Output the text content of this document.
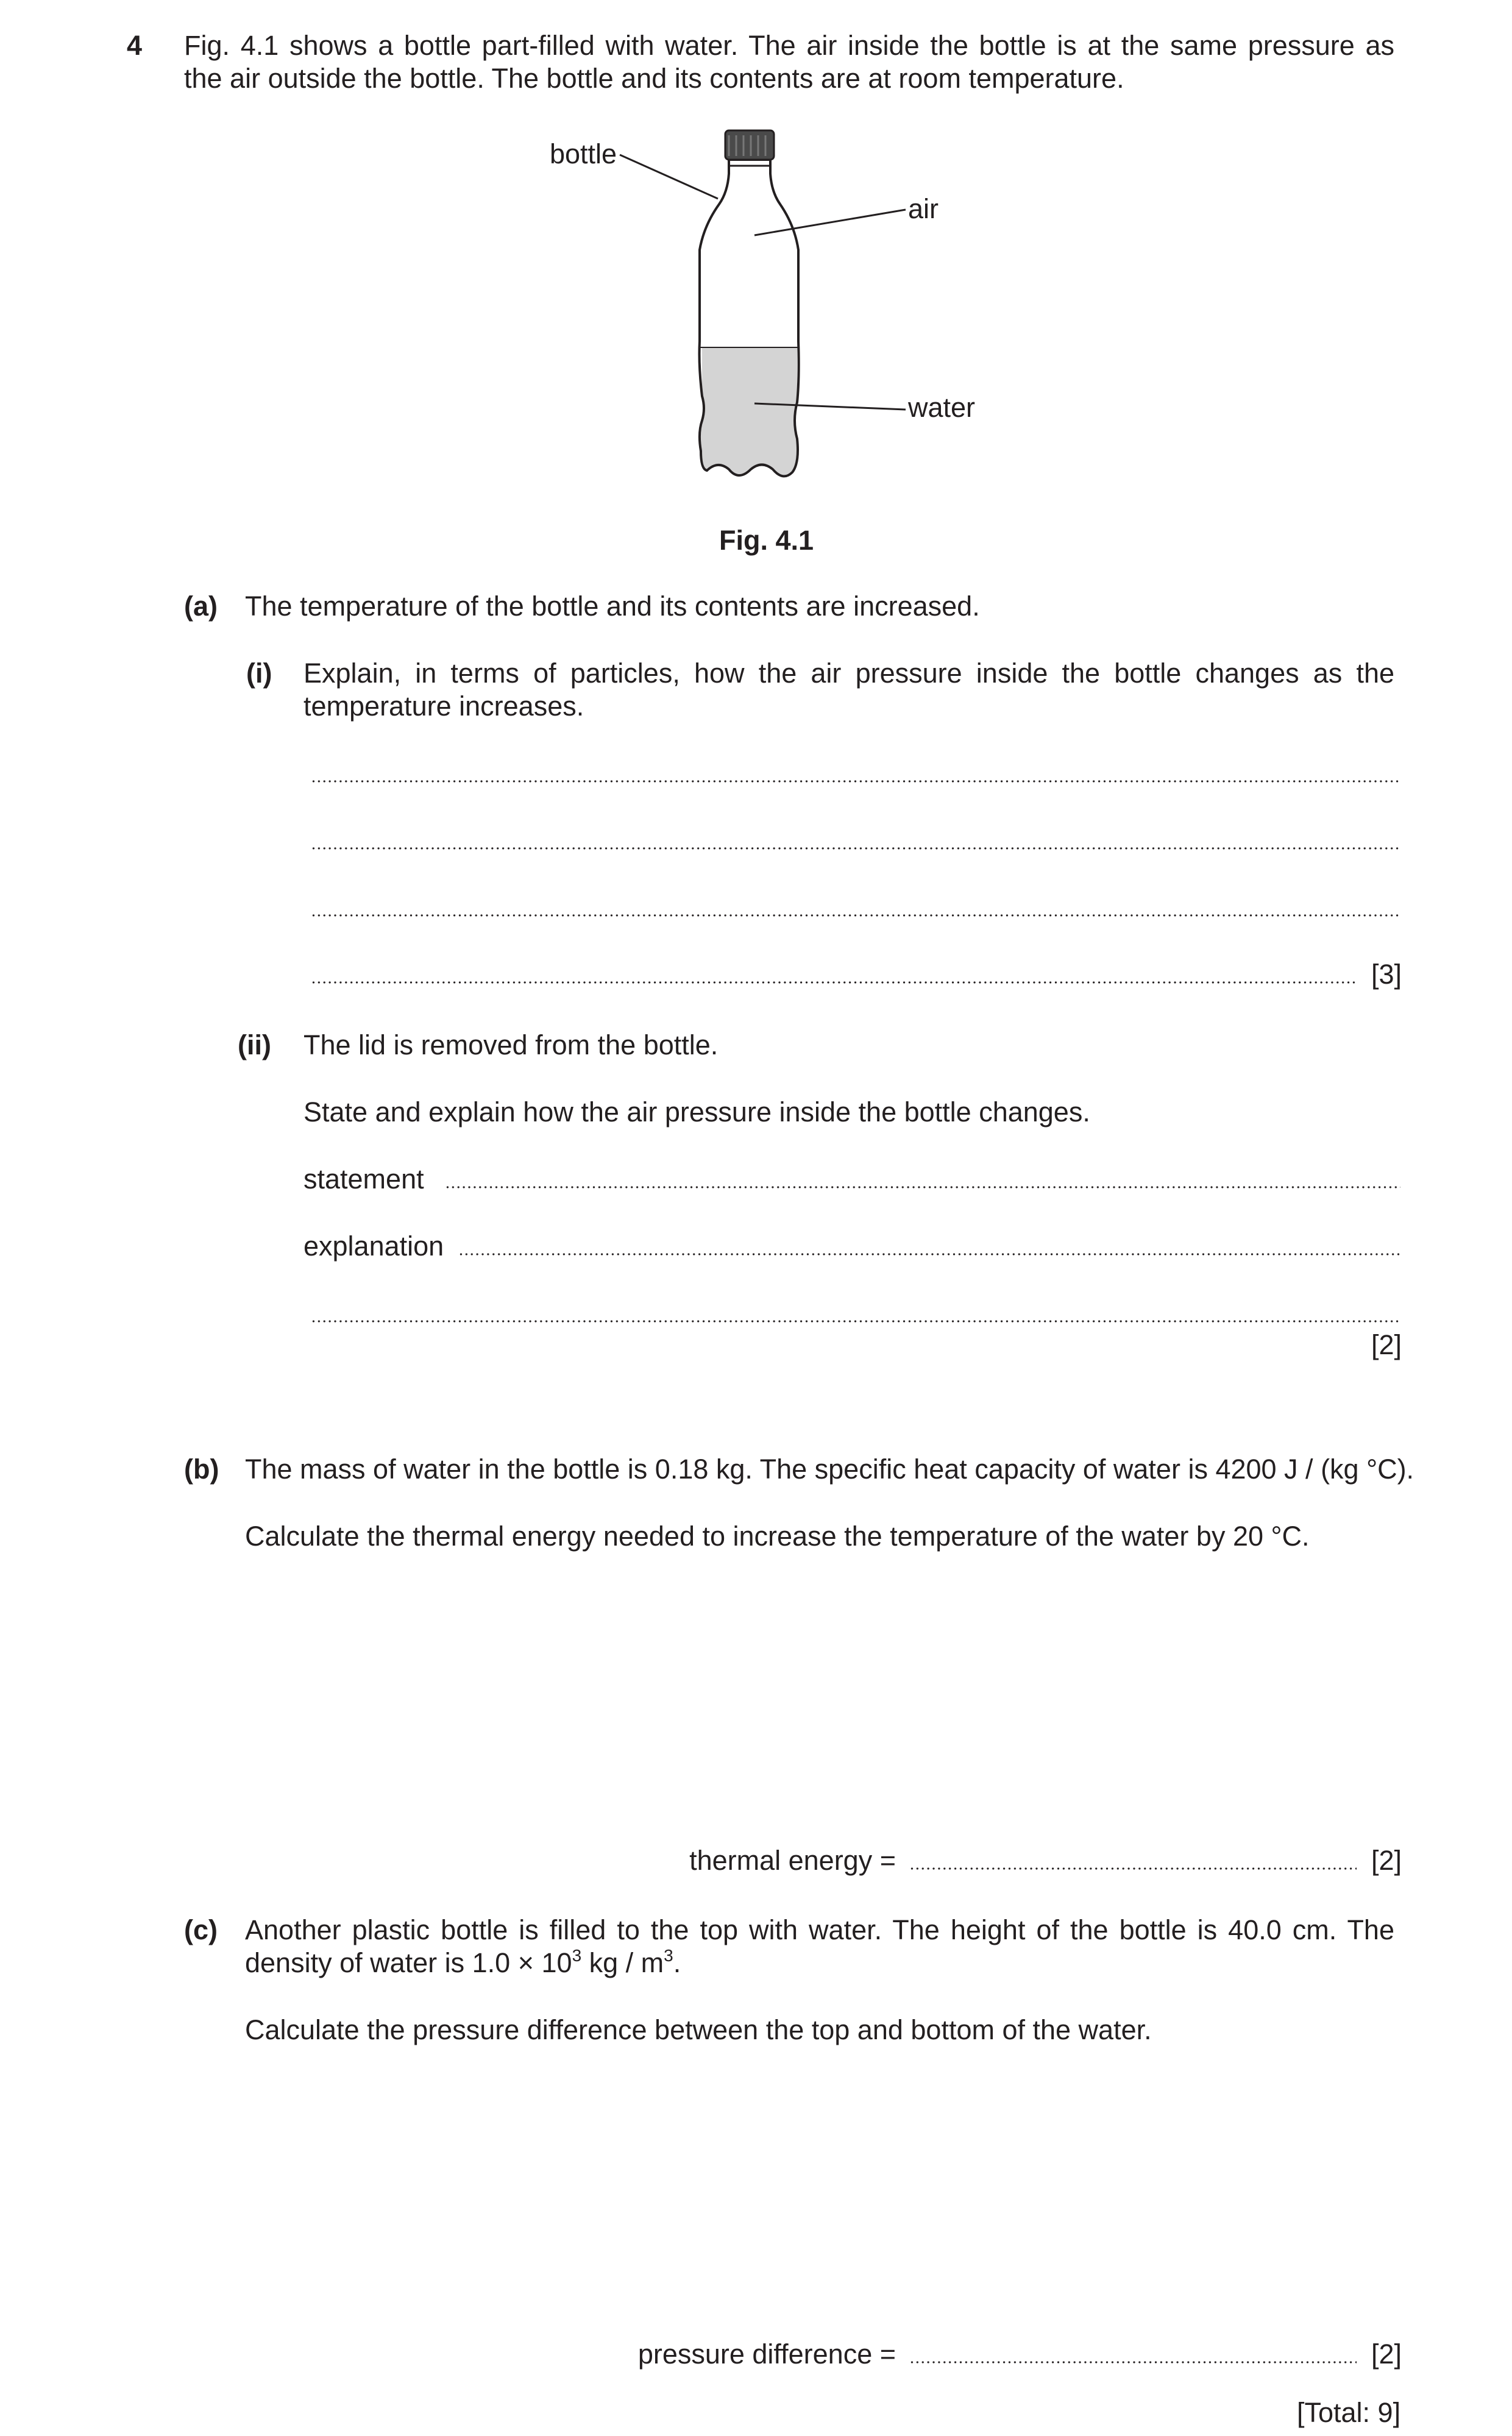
4 Fig. 4.1 shows a bottle part-filled with water. The air inside the bottle is at the same pressure as
the air outside the bottle. The bottle and its contents are at room temperature.
bottle
air
water
Fig. 4.1
(a) The temperature of the bottle and its contents are increased.
(i) Explain, in terms of particles, how the air pressure inside the bottle changes as the
temperature increases.
[3]
(ii) The lid is removed from the bottle.
State and explain how the air pressure inside the bottle changes.
statement
explanation
[2]
(b) The mass of water in the bottle is 0.18 kg. The specific heat capacity of water is 4200 J / (kg °C).
Calculate the thermal energy needed to increase the temperature of the water by 20 °C.
thermal energy =	[2]
(c) Another plastic bottle is filled to the top with water. The height of the bottle is 40.0 cm. The
density of water is $1.0 \times 10^3$ kg / $m^3$.
Calculate the pressure difference between the top and bottom of the water.
pressure difference =	[2]
[Total: 9]
